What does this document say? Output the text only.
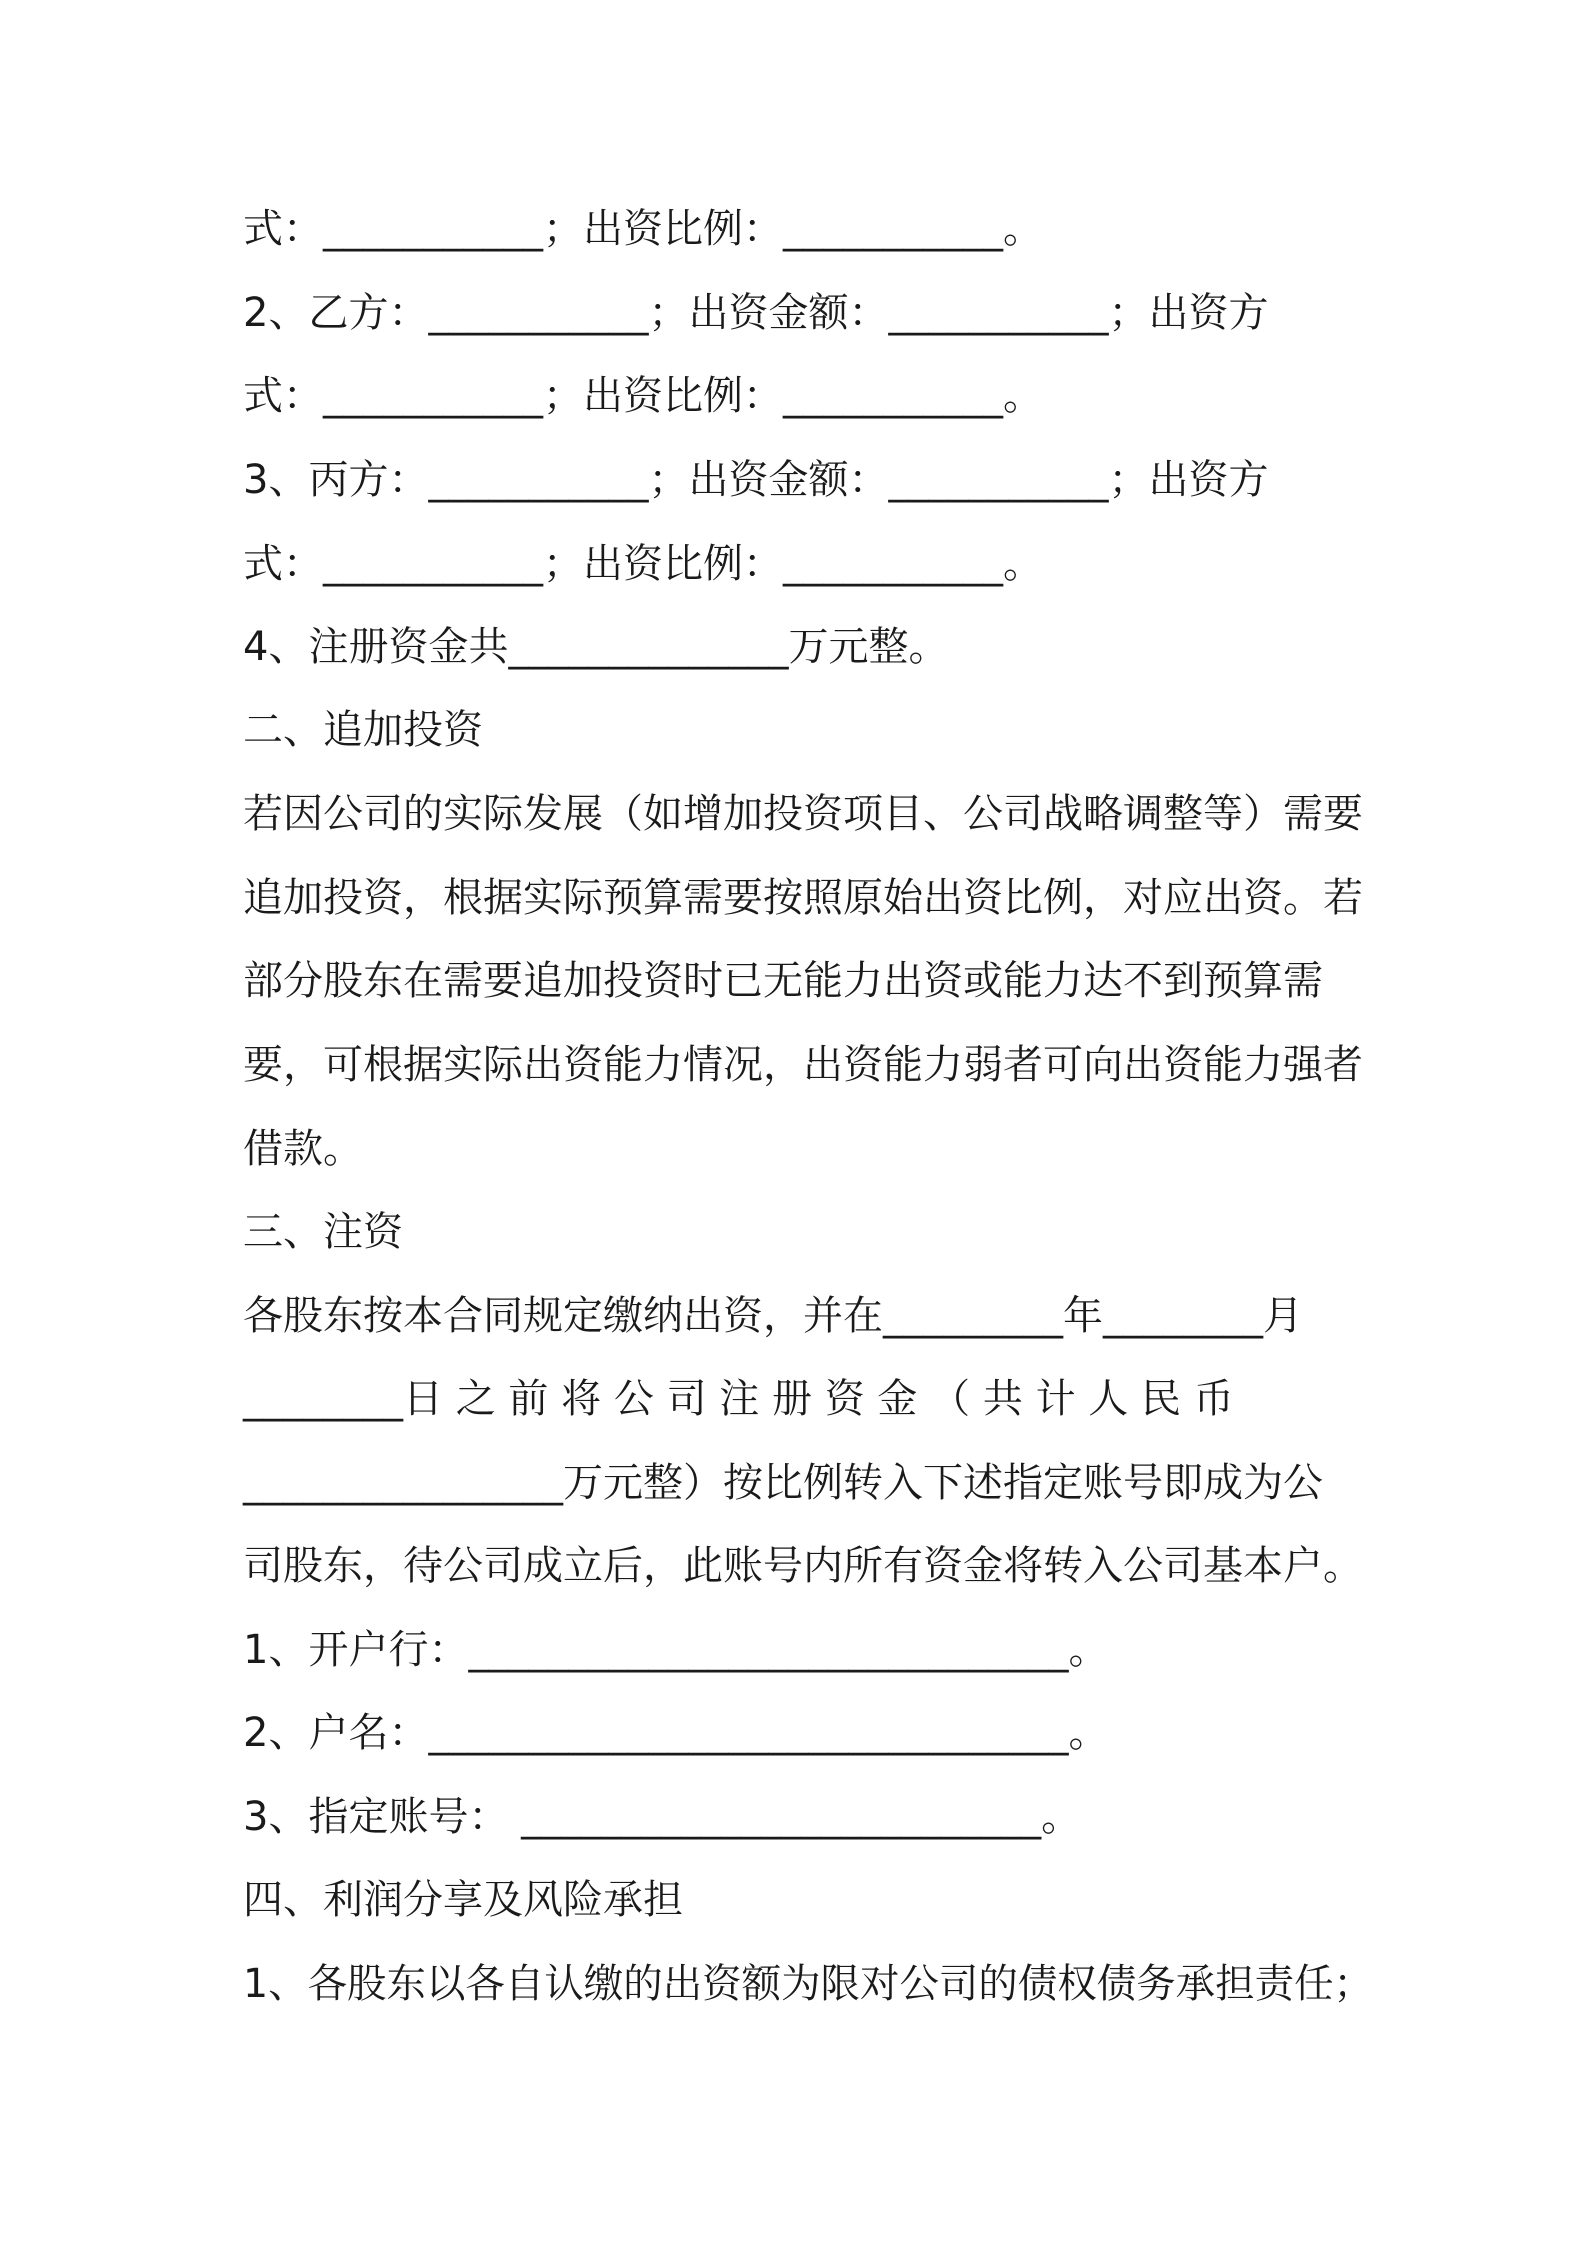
式：___________；出资比例：___________。
2、乙方：___________；出资金额：___________；出资方
式：___________；出资比例：___________。
3、丙方：___________；出资金额：___________；出资方
式：___________；出资比例：___________。
4、注册资金共______________万元整。
二、追加投资
若因公司的实际发展（如增加投资项目、公司战略调整等）需要
追加投资，根据实际预算需要按照原始出资比例，对应出资。若
部分股东在需要追加投资时已无能力出资或能力达不到预算需
要，可根据实际出资能力情况，出资能力弱者可向出资能力强者
借款。
三、注资
各股东按本合同规定缴纳出资，并在_________年________月
________日 之 前 将 公 司 注 册 资 金 （ 共 计 人 民 币
________________万元整）按比例转入下述指定账号即成为公
司股东，待公司成立后，此账号内所有资金将转入公司基本户。
1、开户行：______________________________。
2、户名：________________________________。
3、指定账号： __________________________。
四、利润分享及风险承担
1、各股东以各自认缴的出资额为限对公司的债权债务承担责任；
